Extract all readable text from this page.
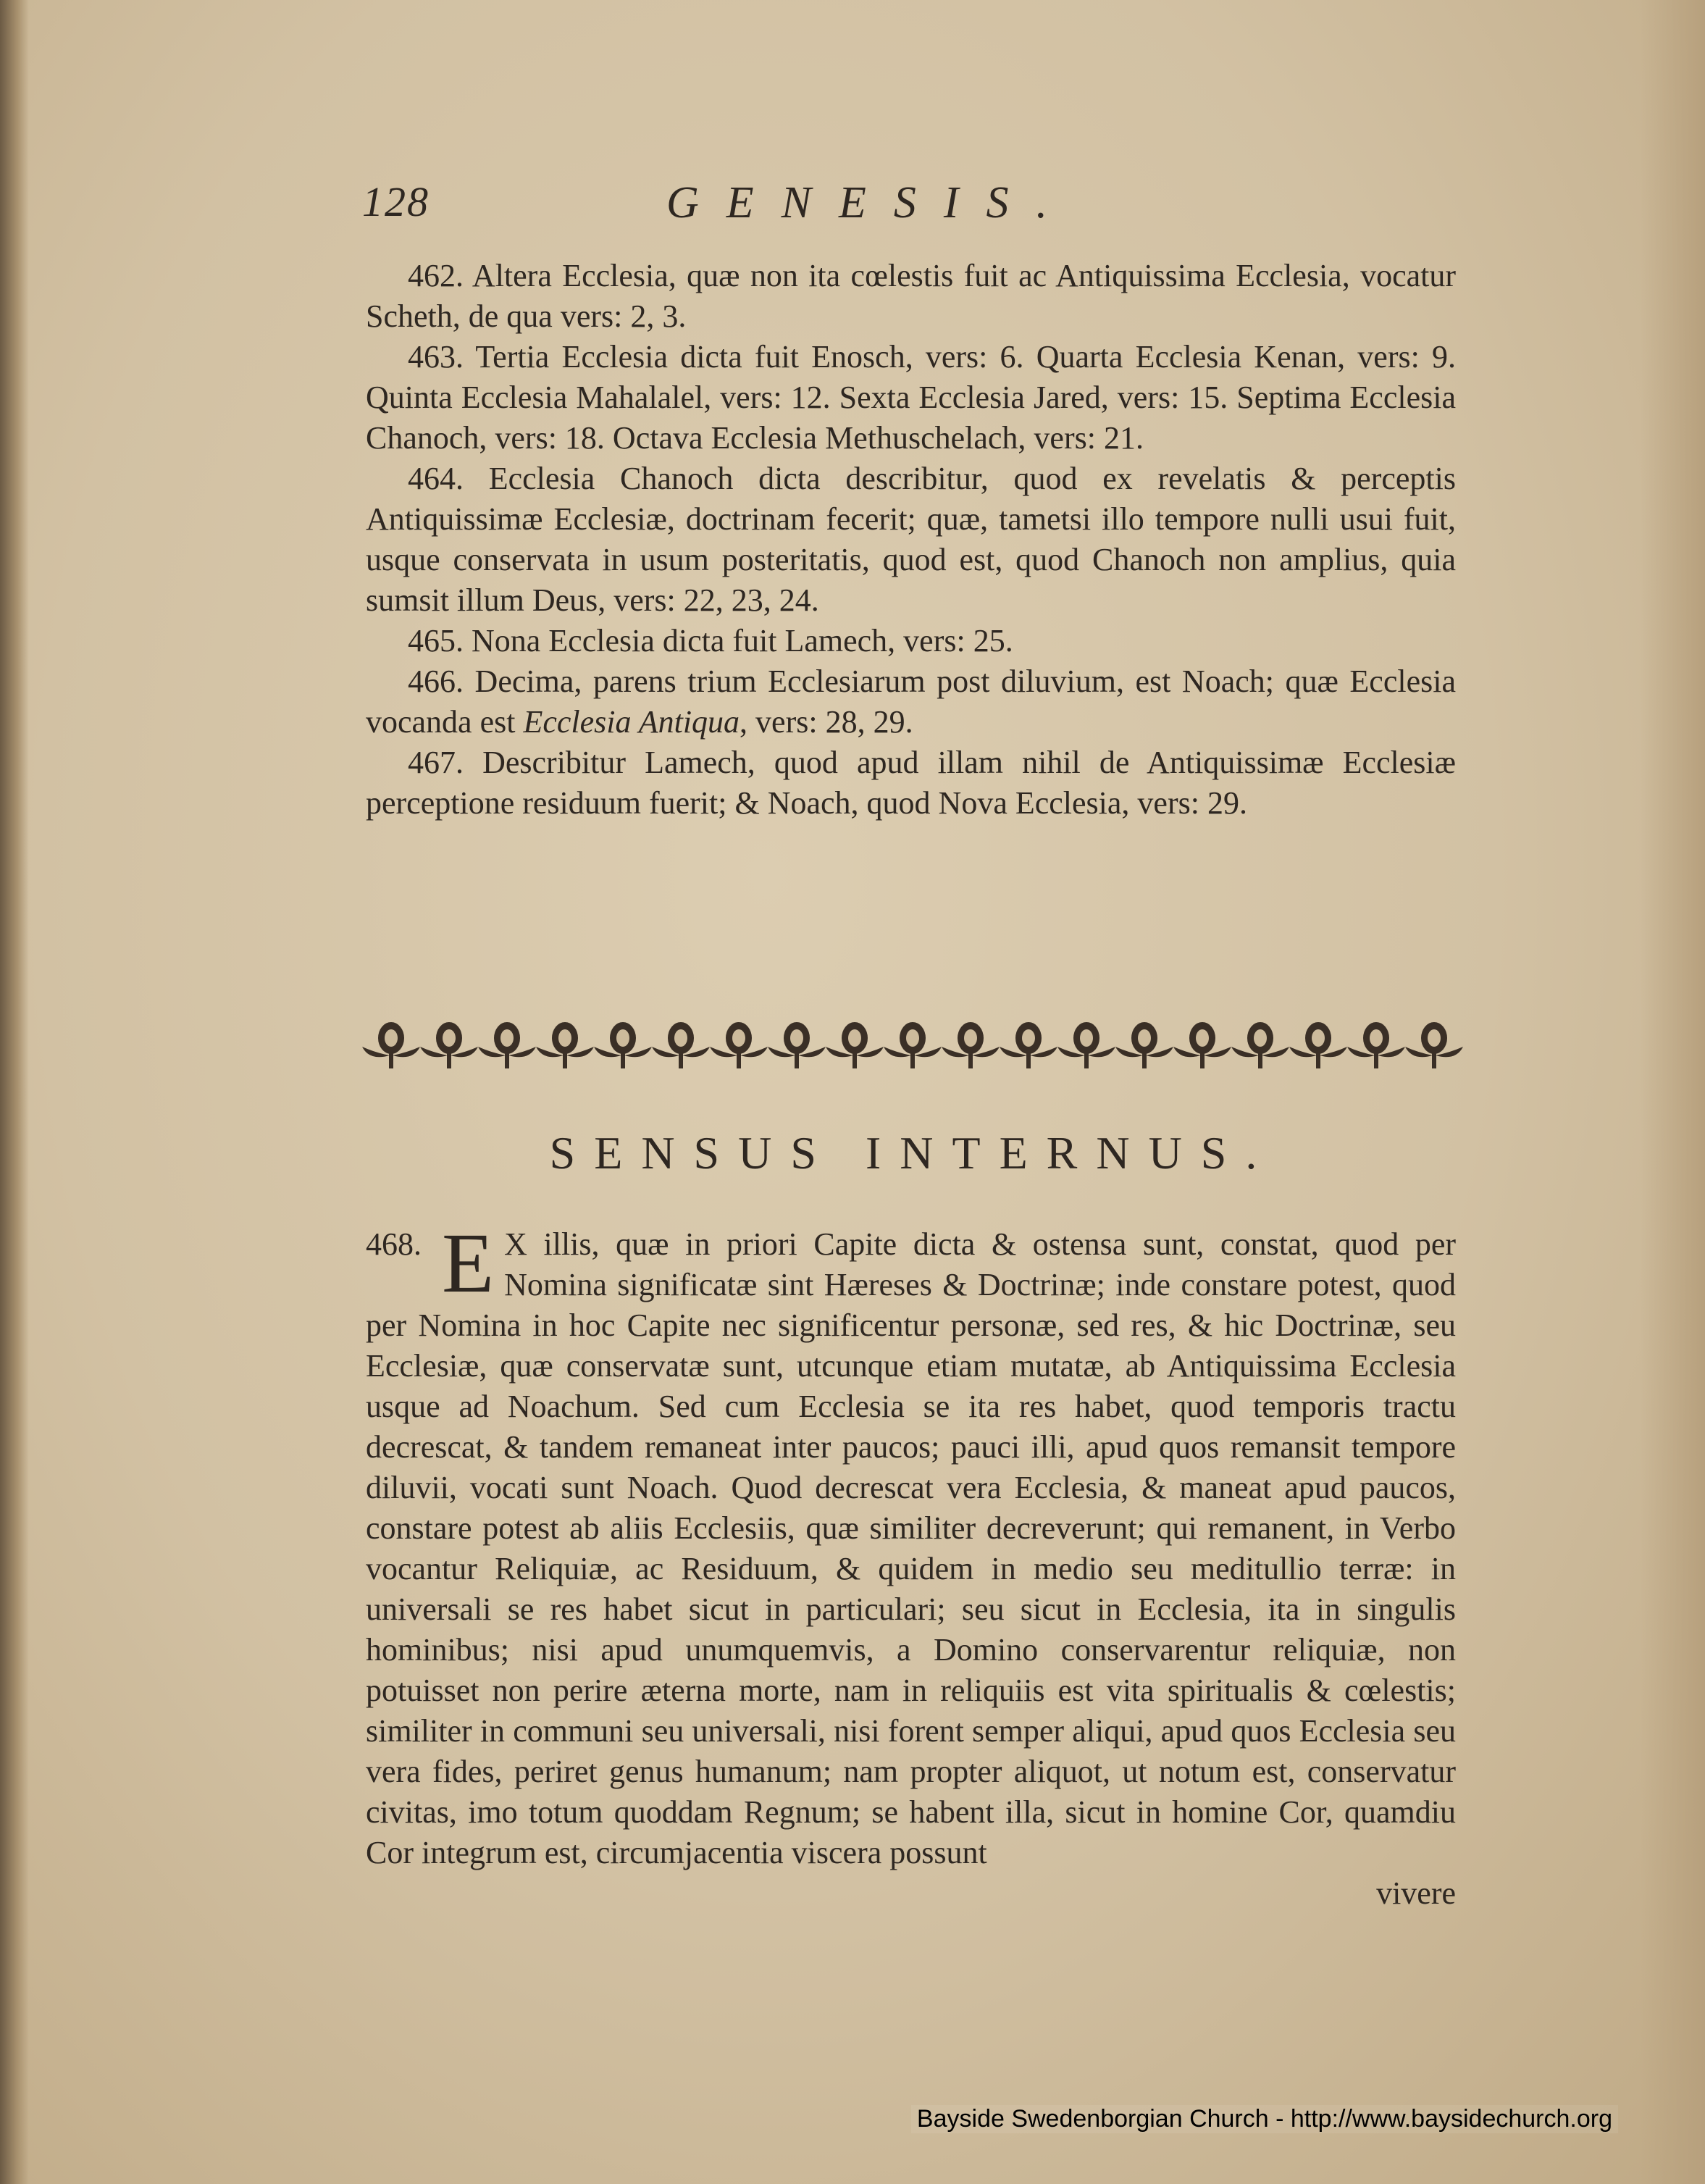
128	GENESIS.

462. Altera Ecclesia, quæ non ita cœlestis fuit ac Antiquissima Ecclesia, vocatur Scheth, de qua vers: 2, 3.

463. Tertia Ecclesia dicta fuit Enosch, vers: 6. Quarta Ecclesia Kenan, vers: 9. Quinta Ecclesia Mahalalel, vers: 12. Sexta Ecclesia Jared, vers: 15. Septima Ecclesia Chanoch, vers: 18. Octava Ecclesia Methuschelach, vers: 21.

464. Ecclesia Chanoch dicta describitur, quod ex revelatis & perceptis Antiquissimæ Ecclesiæ, doctrinam fecerit; quæ, tametsi illo tempore nulli usui fuit, usque conservata in usum posteritatis, quod est, quod Chanoch non amplius, quia sumsit illum Deus, vers: 22, 23, 24.

465. Nona Ecclesia dicta fuit Lamech, vers: 25.

466. Decima, parens trium Ecclesiarum post diluvium, est Noach; quæ Ecclesia vocanda est Ecclesia Antiqua, vers: 28, 29.

467. Describitur Lamech, quod apud illam nihil de Antiquissimæ Ecclesiæ perceptione residuum fuerit; & Noach, quod Nova Ecclesia, vers: 29.

SENSUS INTERNUS.

468. E X illis, quæ in priori Capite dicta & ostensa sunt, constat, quod per Nomina significatæ sint Hæreses & Doctrinæ; inde constare potest, quod per Nomina in hoc Capite nec significentur personæ, sed res, & hic Doctrinæ, seu Ecclesiæ, quæ conservatæ sunt, utcunque etiam mutatæ, ab Antiquissima Ecclesia usque ad Noachum. Sed cum Ecclesia se ita res habet, quod temporis tractu decrescat, & tandem remaneat inter paucos; pauci illi, apud quos remansit tempore diluvii, vocati sunt Noach. Quod decrescat vera Ecclesia, & maneat apud paucos, constare potest ab aliis Ecclesiis, quæ similiter decreverunt; qui remanent, in Verbo vocantur Reliquiæ, ac Residuum, & quidem in medio seu meditullio terræ: in universali se res habet sicut in particulari; seu sicut in Ecclesia, ita in singulis hominibus; nisi apud unumquemvis, a Domino conservarentur reliquiæ, non potuisset non perire æterna morte, nam in reliquiis est vita spiritualis & cœlestis; similiter in communi seu universali, nisi forent semper aliqui, apud quos Ecclesia seu vera fides, periret genus humanum; nam propter aliquot, ut notum est, conservatur civitas, imo totum quoddam Regnum; se habent illa, sicut in homine Cor, quamdiu Cor integrum est, circumjacentia viscera possunt

vivere
Bayside Swedenborgian Church - http://www.baysidechurch.org
